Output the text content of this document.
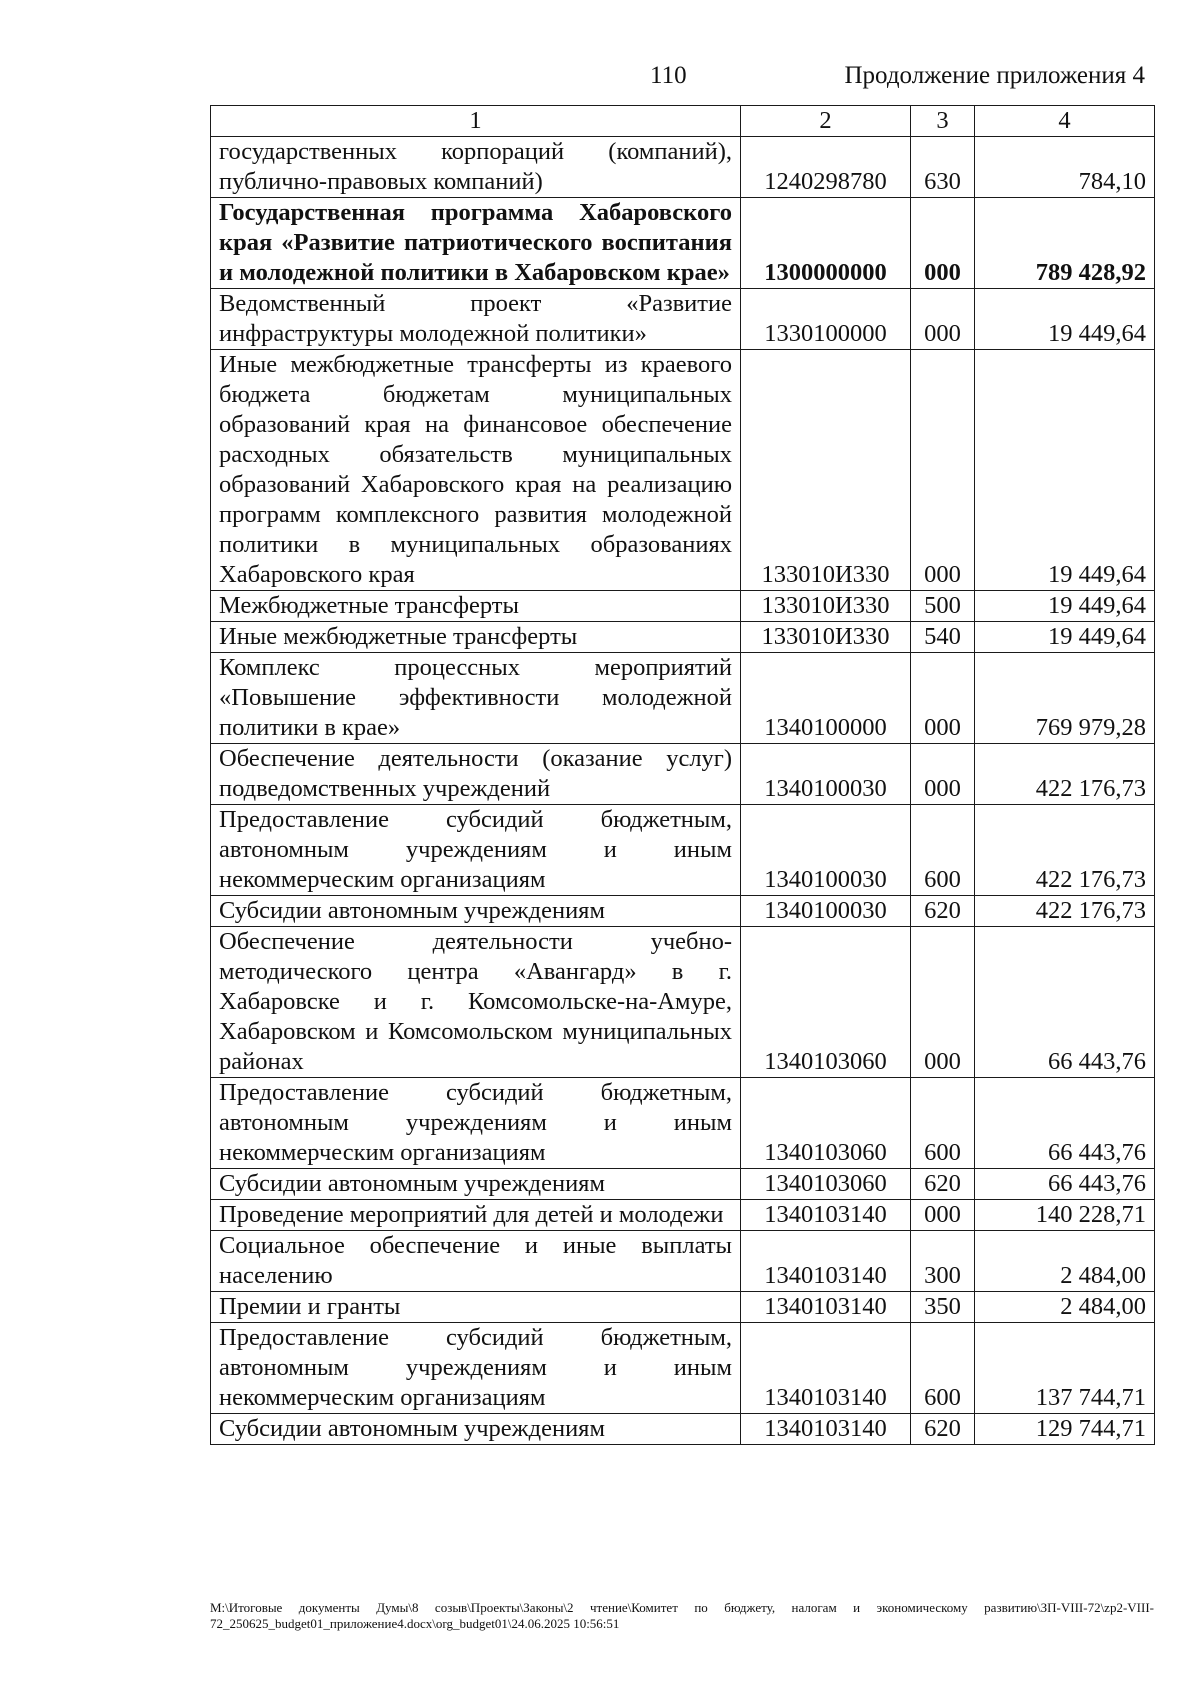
110	Продолжение приложения 4
1	2	3	4
государственных корпораций (компаний), публично-правовых компаний)	1240298780	630	784,10
Государственная программа Хабаровского края «Развитие патриотического воспитания и молодежной политики в Хабаровском крае»	1300000000	000	789 428,92
Ведомственный проект «Развитие инфраструктуры молодежной политики»	1330100000	000	19 449,64
Иные межбюджетные трансферты из краевого бюджета бюджетам муниципальных образований края на финансовое обеспечение расходных обязательств муниципальных образований Хабаровского края на реализацию программ комплексного развития молодежной политики в муниципальных образованиях Хабаровского края	133010И330	000	19 449,64
Межбюджетные трансферты	133010И330	500	19 449,64
Иные межбюджетные трансферты	133010И330	540	19 449,64
Комплекс процессных мероприятий «Повышение эффективности молодежной политики в крае»	1340100000	000	769 979,28
Обеспечение деятельности (оказание услуг) подведомственных учреждений	1340100030	000	422 176,73
Предоставление субсидий бюджетным, автономным учреждениям и иным некоммерческим организациям	1340100030	600	422 176,73
Субсидии автономным учреждениям	1340100030	620	422 176,73
Обеспечение деятельности учебно-методического центра «Авангард» в г. Хабаровске и г. Комсомольске-на-Амуре, Хабаровском и Комсомольском муниципальных районах	1340103060	000	66 443,76
Предоставление субсидий бюджетным, автономным учреждениям и иным некоммерческим организациям	1340103060	600	66 443,76
Субсидии автономным учреждениям	1340103060	620	66 443,76
Проведение мероприятий для детей и молодежи	1340103140	000	140 228,71
Социальное обеспечение и иные выплаты населению	1340103140	300	2 484,00
Премии и гранты	1340103140	350	2 484,00
Предоставление субсидий бюджетным, автономным учреждениям и иным некоммерческим организациям	1340103140	600	137 744,71
Субсидии автономным учреждениям	1340103140	620	129 744,71
M:\Итоговые документы Думы\8 созыв\Проекты\Законы\2 чтение\Комитет по бюджету, налогам и экономическому развитию\ЗП-VIII-72\zp2-VIII-72_250625_budget01_приложение4.docx\org_budget01\24.06.2025 10:56:51
